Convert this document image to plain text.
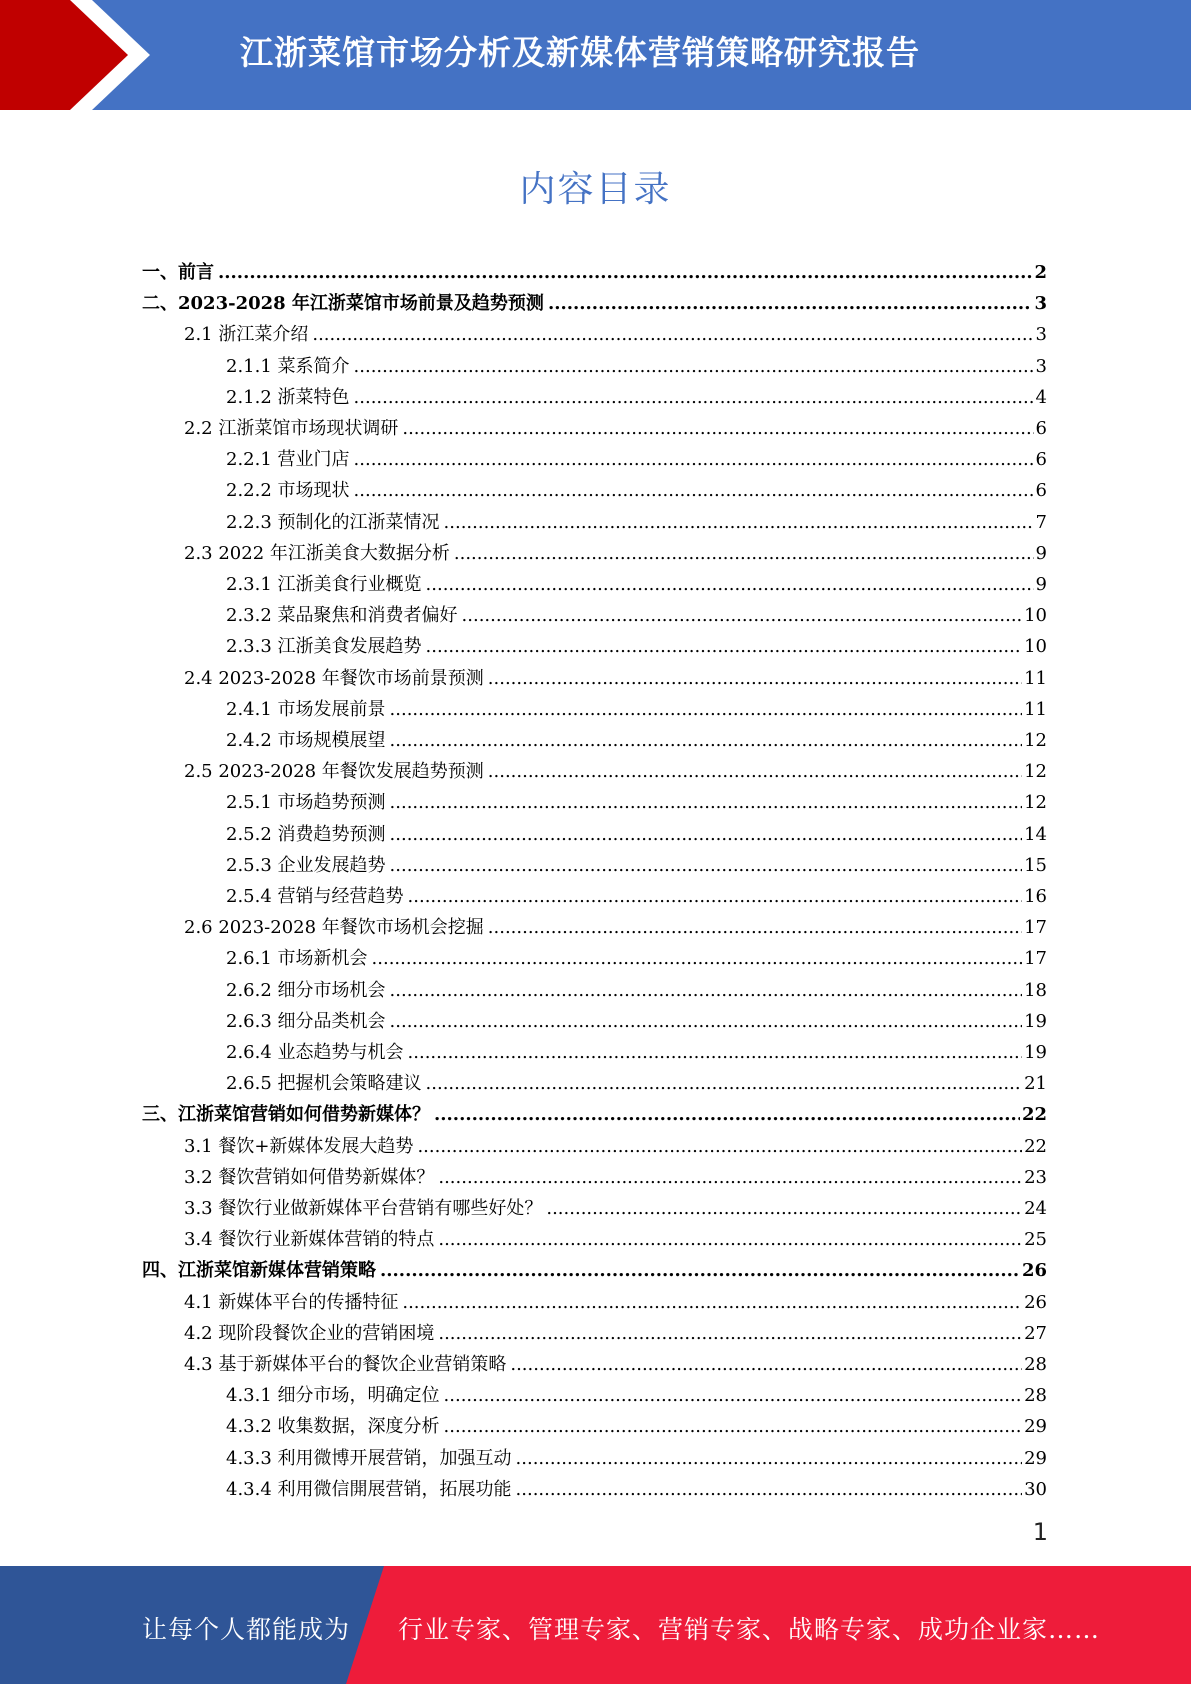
江浙菜馆市场分析及新媒体营销策略研究报告
内容目录
一、前言 .....	2
二、2023-2028 年江浙菜馆市场前景及趋势预测 .....	3
2.1 浙江菜介绍 .....	3
2.1.1 菜系简介 .....	3
2.1.2 浙菜特色 .....	4
2.2 江浙菜馆市场现状调研 .....	6
2.2.1 营业门店 .....	6
2.2.2 市场现状 .....	6
2.2.3 预制化的江浙菜情况 .....	7
2.3 2022 年江浙美食大数据分析 .....	9
2.3.1 江浙美食行业概览 .....	9
2.3.2 菜品聚焦和消费者偏好 .....	10
2.3.3 江浙美食发展趋势 .....	10
2.4 2023-2028 年餐饮市场前景预测 .....	11
2.4.1 市场发展前景 .....	11
2.4.2 市场规模展望 .....	12
2.5 2023-2028 年餐饮发展趋势预测 .....	12
2.5.1 市场趋势预测 .....	12
2.5.2 消费趋势预测 .....	14
2.5.3 企业发展趋势 .....	15
2.5.4 营销与经营趋势 .....	16
2.6 2023-2028 年餐饮市场机会挖掘 .....	17
2.6.1 市场新机会 .....	17
2.6.2 细分市场机会 .....	18
2.6.3 细分品类机会 .....	19
2.6.4 业态趋势与机会 .....	19
2.6.5 把握机会策略建议 .....	21
三、江浙菜馆营销如何借势新媒体？ .....	22
3.1 餐饮+新媒体发展大趋势 .....	22
3.2 餐饮营销如何借势新媒体？ .....	23
3.3 餐饮行业做新媒体平台营销有哪些好处？ .....	24
3.4 餐饮行业新媒体营销的特点 .....	25
四、江浙菜馆新媒体营销策略 .....	26
4.1 新媒体平台的传播特征 .....	26
4.2 现阶段餐饮企业的营销困境 .....	27
4.3 基于新媒体平台的餐饮企业营销策略 .....	28
4.3.1 细分市场，明确定位 .....	28
4.3.2 收集数据，深度分析 .....	29
4.3.3 利用微博开展营销，加强互动 .....	29
4.3.4 利用微信開展营销，拓展功能 .....	30
1
让每个人都能成为 行业专家、管理专家、营销专家、战略专家、成功企业家……
